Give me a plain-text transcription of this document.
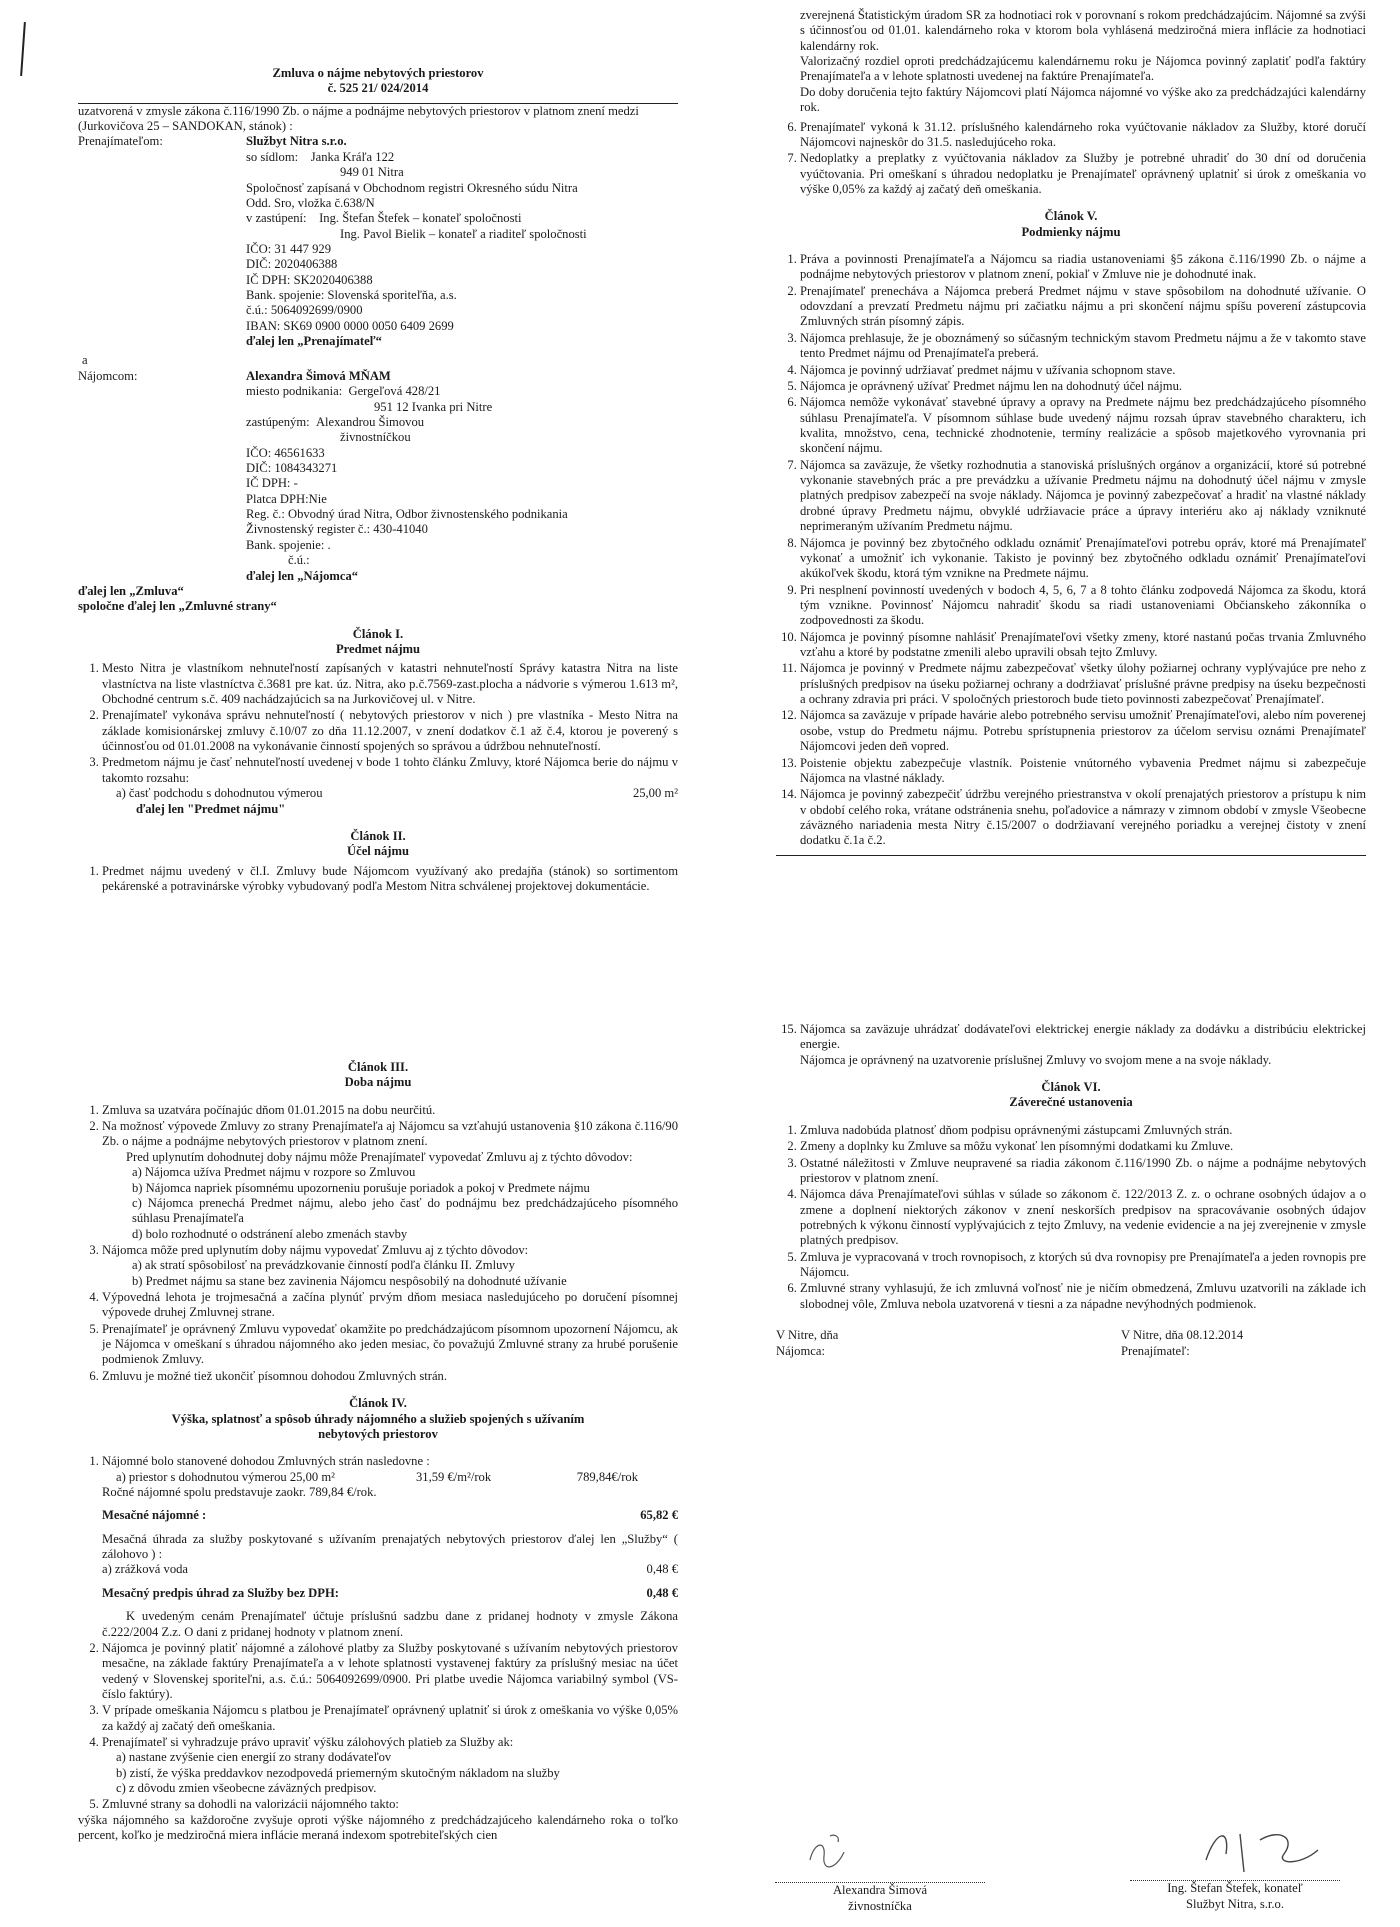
Zmluva o nájme nebytových priestorov
č. 525 21/ 024/2014
uzatvorená v zmysle zákona č.116/1990 Zb. o nájme a podnájme nebytových priestorov v platnom znení medzi (Jurkovičova 25 – SANDOKAN, stánok) :
Prenajímateľom:	Službyt Nitra s.r.o.
so sídlom: Janka Kráľa 122
949 01 Nitra
Spoločnosť zapísaná v Obchodnom registri Okresného súdu Nitra
Odd. Sro, vložka č.638/N
v zastúpení: Ing. Štefan Štefek – konateľ spoločnosti
Ing. Pavol Bielik – konateľ a riaditeľ spoločnosti
IČO: 31 447 929
DIČ: 2020406388
IČ DPH: SK2020406388
Bank. spojenie: Slovenská sporiteľňa, a.s.
č.ú.: 5064092699/0900
IBAN: SK69 0900 0000 0050 6409 2699
ďalej len „Prenajímateľ“
a
Nájomcom:	Alexandra Šimová MŇAM
miesto podnikania: Gergeľová 428/21
951 12 Ivanka pri Nitre
zastúpeným: Alexandrou Šimovou
živnostníčkou
IČO: 46561633
DIČ: 1084343271
IČ DPH: -
Platca DPH:Nie
Reg. č.: Obvodný úrad Nitra, Odbor živnostenského podnikania
Živnostenský register č.: 430-41040
Bank. spojenie: .
č.ú.:
ďalej len „Nájomca“
ďalej len „Zmluva“
spoločne ďalej len „Zmluvné strany“
Článok I.
Predmet nájmu
1. Mesto Nitra je vlastníkom nehnuteľností zapísaných v katastri nehnuteľností Správy katastra Nitra na liste vlastníctva na liste vlastníctva č.3681 pre kat. úz. Nitra, ako p.č.7569-zast.plocha a nádvorie s výmerou 1.613 m², Obchodné centrum s.č. 409 nachádzajúcich sa na Jurkovičovej ul. v Nitre.
2. Prenajímateľ vykonáva správu nehnuteľností ( nebytových priestorov v nich ) pre vlastníka - Mesto Nitra na základe komisionárskej zmluvy č.10/07 zo dňa 11.12.2007, v znení dodatkov č.1 až č.4, ktorou je poverený s účinnosťou od 01.01.2008 na vykonávanie činností spojených so správou a údržbou nehnuteľností.
3. Predmetom nájmu je časť nehnuteľností uvedenej v bode 1 tohto článku Zmluvy, ktoré Nájomca berie do nájmu v takomto rozsahu:
a) časť podchodu s dohodnutou výmerou	25,00 m²
ďalej len "Predmet nájmu"
Článok II.
Účel nájmu
1. Predmet nájmu uvedený v čl.I. Zmluvy bude Nájomcom využívaný ako predajňa (stánok) so sortimentom pekárenské a potravinárske výrobky vybudovaný podľa Mestom Nitra schválenej projektovej dokumentácie.
zverejnená Štatistickým úradom SR za hodnotiaci rok v porovnaní s rokom predchádzajúcim. Nájomné sa zvýši s účinnosťou od 01.01. kalendárneho roka v ktorom bola vyhlásená medziročná miera inflácie za hodnotiaci kalendárny rok.
Valorizačný rozdiel oproti predchádzajúcemu kalendárnemu roku je Nájomca povinný zaplatiť podľa faktúry Prenajímateľa a v lehote splatnosti uvedenej na faktúre Prenajímateľa.
Do doby doručenia tejto faktúry Nájomcovi platí Nájomca nájomné vo výške ako za predchádzajúci kalendárny rok.
6. Prenajímateľ vykoná k 31.12. príslušného kalendárneho roka vyúčtovanie nákladov za Služby, ktoré doručí Nájomcovi najneskôr do 31.5. nasledujúceho roka.
7. Nedoplatky a preplatky z vyúčtovania nákladov za Služby je potrebné uhradiť do 30 dní od doručenia vyúčtovania. Pri omeškaní s úhradou nedoplatku je Prenajímateľ oprávnený uplatniť si úrok z omeškania vo výške 0,05% za každý aj začatý deň omeškania.
Článok V.
Podmienky nájmu
1. Práva a povinnosti Prenajímateľa a Nájomcu sa riadia ustanoveniami §5 zákona č.116/1990 Zb. o nájme a podnájme nebytových priestorov v platnom znení, pokiaľ v Zmluve nie je dohodnuté inak.
2. Prenajímateľ prenecháva a Nájomca preberá Predmet nájmu v stave spôsobilom na dohodnuté užívanie. O odovzdaní a prevzatí Predmetu nájmu pri začiatku nájmu a pri skončení nájmu spíšu poverení zástupcovia Zmluvných strán písomný zápis.
3. Nájomca prehlasuje, že je oboznámený so súčasným technickým stavom Predmetu nájmu a že v takomto stave tento Predmet nájmu od Prenajímateľa preberá.
4. Nájomca je povinný udržiavať predmet nájmu v užívania schopnom stave.
5. Nájomca je oprávnený užívať Predmet nájmu len na dohodnutý účel nájmu.
6. Nájomca nemôže vykonávať stavebné úpravy a opravy na Predmete nájmu bez predchádzajúceho písomného súhlasu Prenajímateľa. V písomnom súhlase bude uvedený nájmu rozsah úprav stavebného charakteru, ich kvalita, množstvo, cena, technické zhodnotenie, termíny realizácie a spôsob majetkového vyrovnania pri skončení nájmu.
7. Nájomca sa zaväzuje, že všetky rozhodnutia a stanoviská príslušných orgánov a organizácií, ktoré sú potrebné vykonanie stavebných prác a pre prevádzku a užívanie Predmetu nájmu na dohodnutý účel nájmu v zmysle platných predpisov zabezpečí na svoje náklady. Nájomca je povinný zabezpečovať a hradiť na vlastné náklady drobné úpravy Predmetu nájmu, obvyklé udržiavacie práce a úpravy interiéru ako aj náklady vzniknuté neprimeraným užívaním Predmetu nájmu.
8. Nájomca je povinný bez zbytočného odkladu oznámiť Prenajímateľovi potrebu opráv, ktoré má Prenajímateľ vykonať a umožniť ich vykonanie. Takisto je povinný bez zbytočného odkladu oznámiť Prenajímateľovi akúkoľvek škodu, ktorá tým vznikne na Predmete nájmu.
9. Pri nesplnení povinností uvedených v bodoch 4, 5, 6, 7 a 8 tohto článku zodpovedá Nájomca za škodu, ktorá tým vznikne. Povinnosť Nájomcu nahradiť škodu sa riadi ustanoveniami Občianskeho zákonníka o zodpovednosti za škodu.
10. Nájomca je povinný písomne nahlásiť Prenajímateľovi všetky zmeny, ktoré nastanú počas trvania Zmluvného vzťahu a ktoré by podstatne zmenili alebo upravili obsah tejto Zmluvy.
11. Nájomca je povinný v Predmete nájmu zabezpečovať všetky úlohy požiarnej ochrany vyplývajúce pre neho z príslušných predpisov na úseku požiarnej ochrany a dodržiavať príslušné právne predpisy na úseku bezpečnosti a ochrany zdravia pri práci. V spoločných priestoroch bude tieto povinnosti zabezpečovať Prenajímateľ.
12. Nájomca sa zaväzuje v prípade havárie alebo potrebného servisu umožniť Prenajímateľovi, alebo ním poverenej osobe, vstup do Predmetu nájmu. Potrebu sprístupnenia priestorov za účelom servisu oznámi Prenajímateľ Nájomcovi jeden deň vopred.
13. Poistenie objektu zabezpečuje vlastník. Poistenie vnútorného vybavenia Predmet nájmu si zabezpečuje Nájomca na vlastné náklady.
14. Nájomca je povinný zabezpečiť údržbu verejného priestranstva v okolí prenajatých priestorov a prístupu k nim v období celého roka, vrátane odstránenia snehu, poľadovice a námrazy v zimnom období v zmysle Všeobecne záväzného nariadenia mesta Nitry č.15/2007 o dodržiavaní verejného poriadku a verejnej čistoty v znení dodatku č.1a č.2.
Článok III.
Doba nájmu
1. Zmluva sa uzatvára počínajúc dňom 01.01.2015 na dobu neurčitú.
2. Na možnosť výpovede Zmluvy zo strany Prenajímateľa aj Nájomcu sa vzťahujú ustanovenia §10 zákona č.116/90 Zb. o nájme a podnájme nebytových priestorov v platnom znení.
Pred uplynutím dohodnutej doby nájmu môže Prenajímateľ vypovedať Zmluvu aj z týchto dôvodov:
a) Nájomca užíva Predmet nájmu v rozpore so Zmluvou
b) Nájomca napriek písomnému upozorneniu porušuje poriadok a pokoj v Predmete nájmu
c) Nájomca prenechá Predmet nájmu, alebo jeho časť do podnájmu bez predchádzajúceho písomného súhlasu Prenajímateľa
d) bolo rozhodnuté o odstránení alebo zmenách stavby
3. Nájomca môže pred uplynutím doby nájmu vypovedať Zmluvu aj z týchto dôvodov:
a) ak stratí spôsobilosť na prevádzkovanie činností podľa článku II. Zmluvy
b) Predmet nájmu sa stane bez zavinenia Nájomcu nespôsobilý na dohodnuté užívanie
4. Výpovedná lehota je trojmesačná a začína plynúť prvým dňom mesiaca nasledujúceho po doručení písomnej výpovede druhej Zmluvnej strane.
5. Prenajímateľ je oprávnený Zmluvu vypovedať okamžite po predchádzajúcom písomnom upozornení Nájomcu, ak je Nájomca v omeškaní s úhradou nájomného ako jeden mesiac, čo považujú Zmluvné strany za hrubé porušenie podmienok Zmluvy.
6. Zmluvu je možné tiež ukončiť písomnou dohodou Zmluvných strán.
Článok IV.
Výška, splatnosť a spôsob úhrady nájomného a služieb spojených s užívaním nebytových priestorov
1. Nájomné bolo stanovené dohodou Zmluvných strán nasledovne :
a) priestor s dohodnutou výmerou 25,00 m²	31,59 €/m²/rok	789,84€/rok
Ročné nájomné spolu predstavuje zaokr. 789,84 €/rok.
Mesačné nájomné :	65,82 €
Mesačná úhrada za služby poskytované s užívaním prenajatých nebytových priestorov ďalej len „Služby“ ( zálohovo ) :
a) zrážková voda	0,48 €
Mesačný predpis úhrad za Služby bez DPH:	0,48 €
K uvedeným cenám Prenajímateľ účtuje príslušnú sadzbu dane z pridanej hodnoty v zmysle Zákona č.222/2004 Z.z. O dani z pridanej hodnoty v platnom znení.
2. Nájomca je povinný platiť nájomné a zálohové platby za Služby poskytované s užívaním nebytových priestorov mesačne, na základe faktúry Prenajímateľa a v lehote splatnosti vystavenej faktúry za príslušný mesiac na účet vedený v Slovenskej sporiteľni, a.s. č.ú.: 5064092699/0900. Pri platbe uvedie Nájomca variabilný symbol (VS- číslo faktúry).
3. V prípade omeškania Nájomcu s platbou je Prenajímateľ oprávnený uplatniť si úrok z omeškania vo výške 0,05% za každý aj začatý deň omeškania.
4. Prenajímateľ si vyhradzuje právo upraviť výšku zálohových platieb za Služby ak:
a) nastane zvýšenie cien energií zo strany dodávateľov
b) zistí, že výška preddavkov nezodpovedá priemerným skutočným nákladom na služby
c) z dôvodu zmien všeobecne záväzných predpisov.
5. Zmluvné strany sa dohodli na valorizácii nájomného takto:
výška nájomného sa každoročne zvyšuje oproti výške nájomného z predchádzajúceho kalendárneho roka o toľko percent, koľko je medziročná miera inflácie meraná indexom spotrebiteľských cien
15. Nájomca sa zaväzuje uhrádzať dodávateľovi elektrickej energie náklady za dodávku a distribúciu elektrickej energie.
Nájomca je oprávnený na uzatvorenie príslušnej Zmluvy vo svojom mene a na svoje náklady.
Článok VI.
Záverečné ustanovenia
1. Zmluva nadobúda platnosť dňom podpisu oprávnenými zástupcami Zmluvných strán.
2. Zmeny a doplnky ku Zmluve sa môžu vykonať len písomnými dodatkami ku Zmluve.
3. Ostatné náležitosti v Zmluve neupravené sa riadia zákonom č.116/1990 Zb. o nájme a podnájme nebytových priestorov v platnom znení.
4. Nájomca dáva Prenajímateľovi súhlas v súlade so zákonom č. 122/2013 Z. z. o ochrane osobných údajov a o zmene a doplnení niektorých zákonov v znení neskorších predpisov na spracovávanie osobných údajov potrebných k výkonu činností vyplývajúcich z tejto Zmluvy, na vedenie evidencie a na jej zverejnenie v zmysle platných predpisov.
5. Zmluva je vypracovaná v troch rovnopisoch, z ktorých sú dva rovnopisy pre Prenajímateľa a jeden rovnopis pre Nájomcu.
6. Zmluvné strany vyhlasujú, že ich zmluvná voľnosť nie je ničím obmedzená, Zmluvu uzatvorili na základe ich slobodnej vôle, Zmluva nebola uzatvorená v tiesni a za nápadne nevýhodných podmienok.
V Nitre, dňa
Nájomca:
V Nitre, dňa 08.12.2014
Prenajímateľ:
Alexandra Šimová
živnostníčka
Ing. Štefan Štefek, konateľ
Službyt Nitra, s.r.o.
